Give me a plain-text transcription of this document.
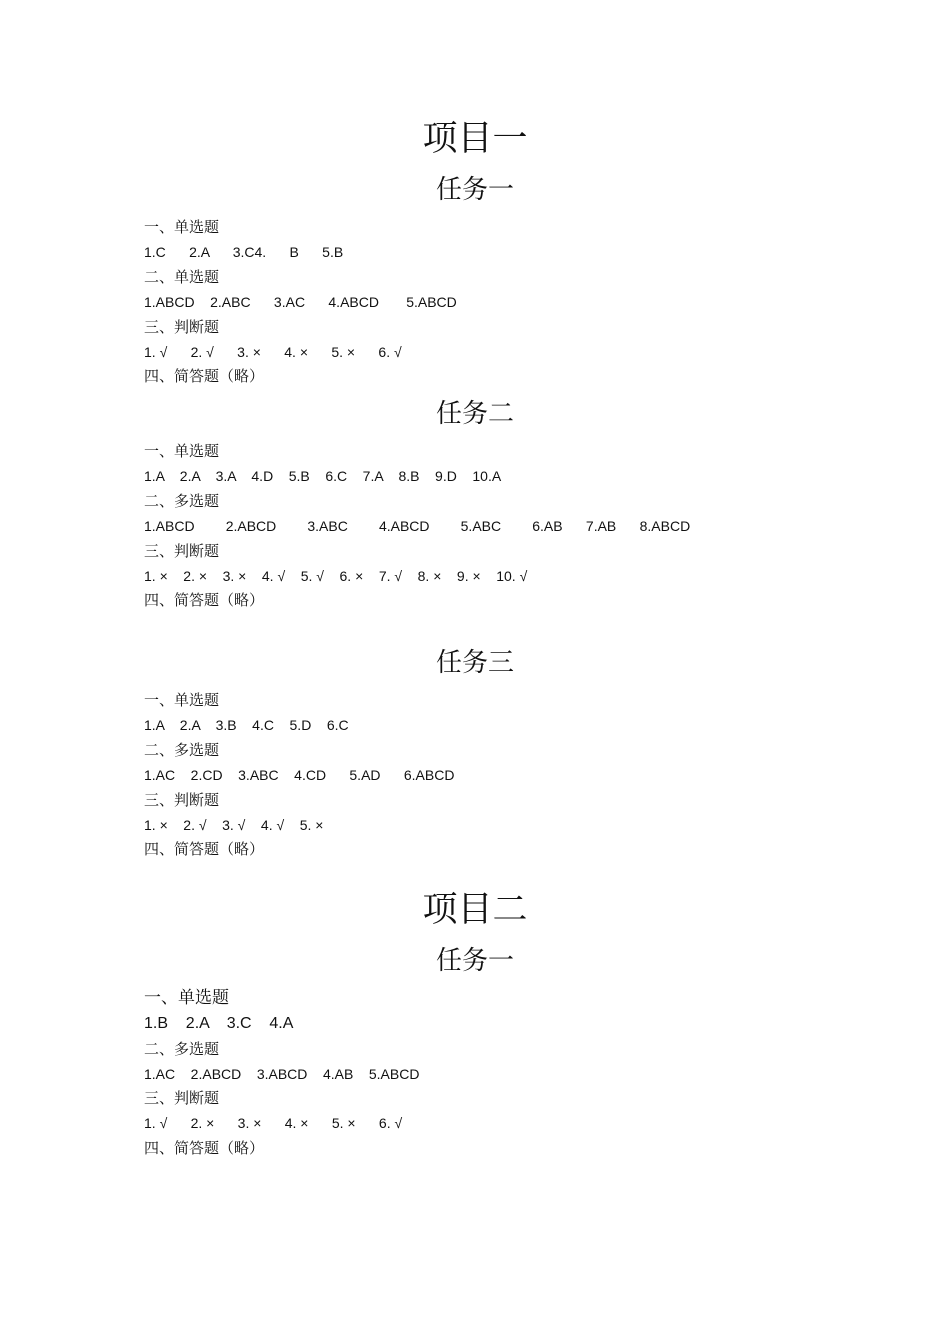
项目一
任务一
一、单选题
1.C      2.A      3.C4.      B      5.B
二、单选题
1.ABCD    2.ABC      3.AC      4.ABCD       5.ABCD
三、判断题
1. √      2. √      3. ×      4. ×      5. ×      6. √
四、简答题（略）
任务二
一、单选题
1.A    2.A    3.A    4.D    5.B    6.C    7.A    8.B    9.D    10.A
二、多选题
1.ABCD        2.ABCD        3.ABC        4.ABCD        5.ABC        6.AB      7.AB      8.ABCD
三、判断题
1. ×    2. ×    3. ×    4. √    5. √    6. ×    7. √    8. ×    9. ×    10. √
四、简答题（略）
任务三
一、单选题
1.A    2.A    3.B    4.C    5.D    6.C
二、多选题
1.AC    2.CD    3.ABC    4.CD      5.AD      6.ABCD
三、判断题
1. ×    2. √    3. √    4. √    5. ×
四、简答题（略）
项目二
任务一
一、单选题
1.B    2.A    3.C    4.A
二、多选题
1.AC    2.ABCD    3.ABCD    4.AB    5.ABCD
三、判断题
1. √      2. ×      3. ×      4. ×      5. ×      6. √
四、简答题（略）
